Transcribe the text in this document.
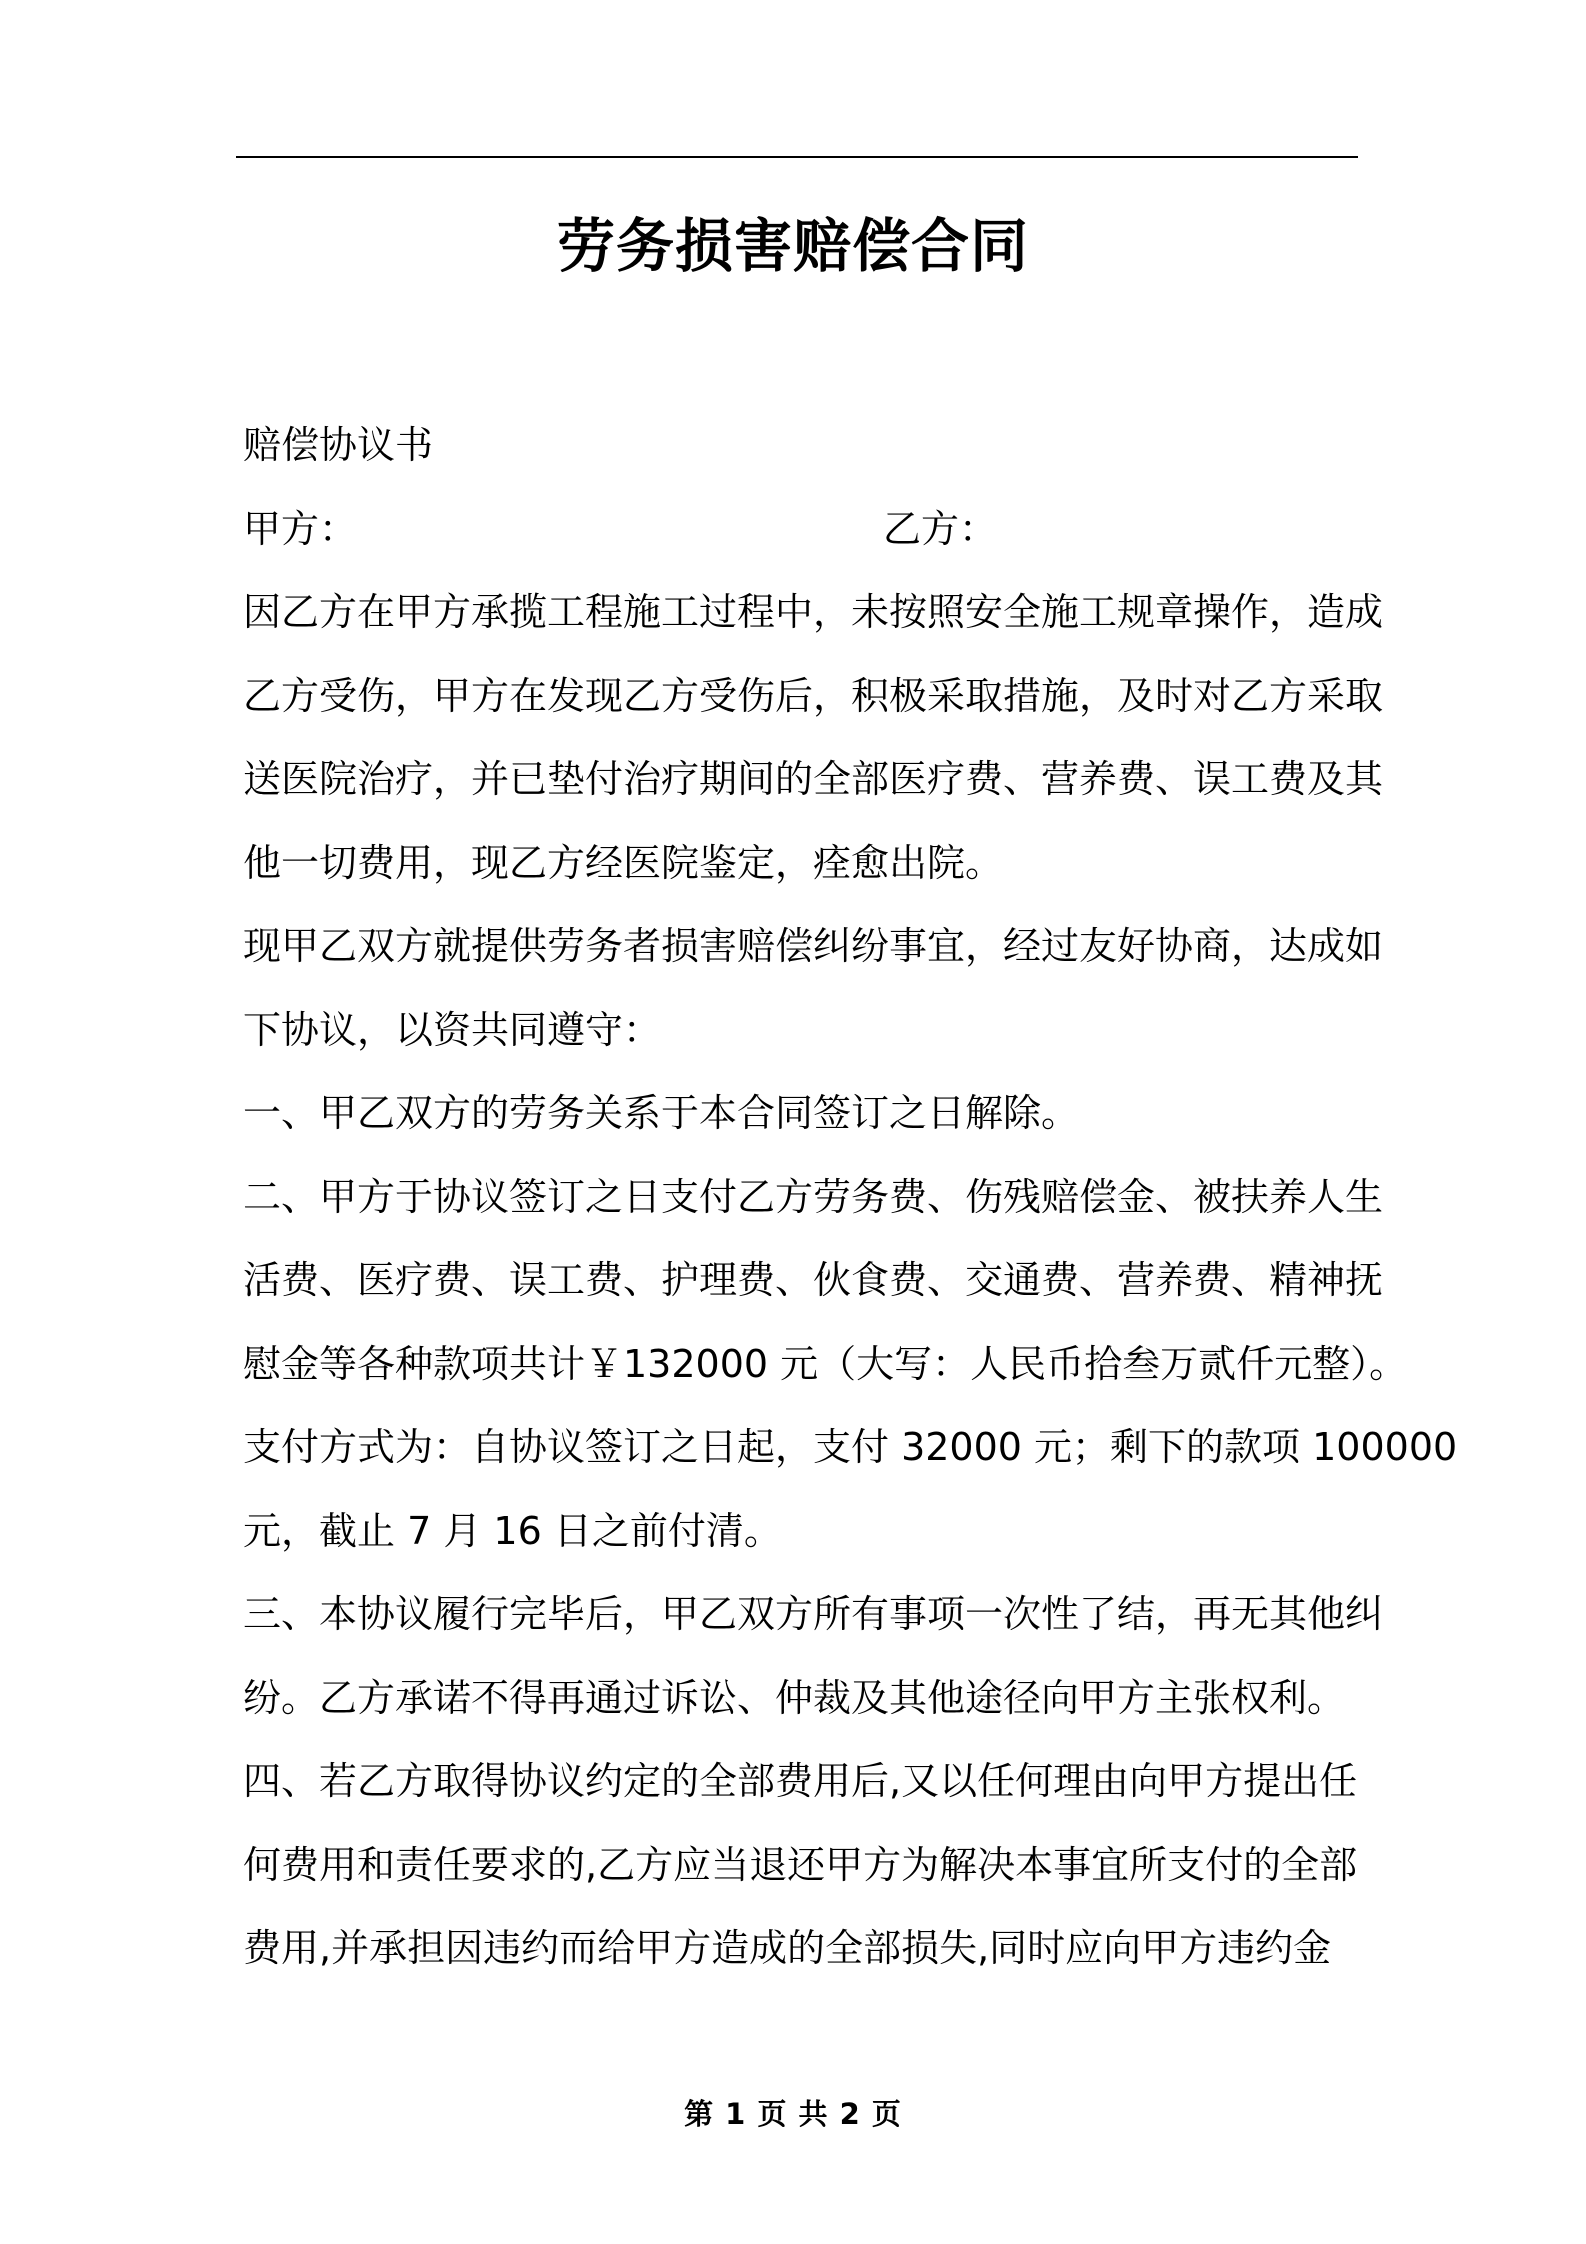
劳务损害赔偿合同
赔偿协议书
甲方：	乙方：
因乙方在甲方承揽工程施工过程中，未按照安全施工规章操作，造成
乙方受伤，甲方在发现乙方受伤后，积极采取措施，及时对乙方采取
送医院治疗，并已垫付治疗期间的全部医疗费、营养费、误工费及其
他一切费用，现乙方经医院鉴定，痊愈出院。
现甲乙双方就提供劳务者损害赔偿纠纷事宜，经过友好协商，达成如
下协议，以资共同遵守：
一、甲乙双方的劳务关系于本合同签订之日解除。
二、甲方于协议签订之日支付乙方劳务费、伤残赔偿金、被扶养人生
活费、医疗费、误工费、护理费、伙食费、交通费、营养费、精神抚
慰金等各种款项共计￥132000 元（大写：人民币拾叁万贰仟元整）。
支付方式为：自协议签订之日起，支付 32000 元；剩下的款项 100000
元，截止 7 月 16 日之前付清。
三、本协议履行完毕后，甲乙双方所有事项一次性了结，再无其他纠
纷。乙方承诺不得再通过诉讼、仲裁及其他途径向甲方主张权利。
四、若乙方取得协议约定的全部费用后,又以任何理由向甲方提出任
何费用和责任要求的,乙方应当退还甲方为解决本事宜所支付的全部
费用,并承担因违约而给甲方造成的全部损失,同时应向甲方违约金
第 1 页 共 2 页
